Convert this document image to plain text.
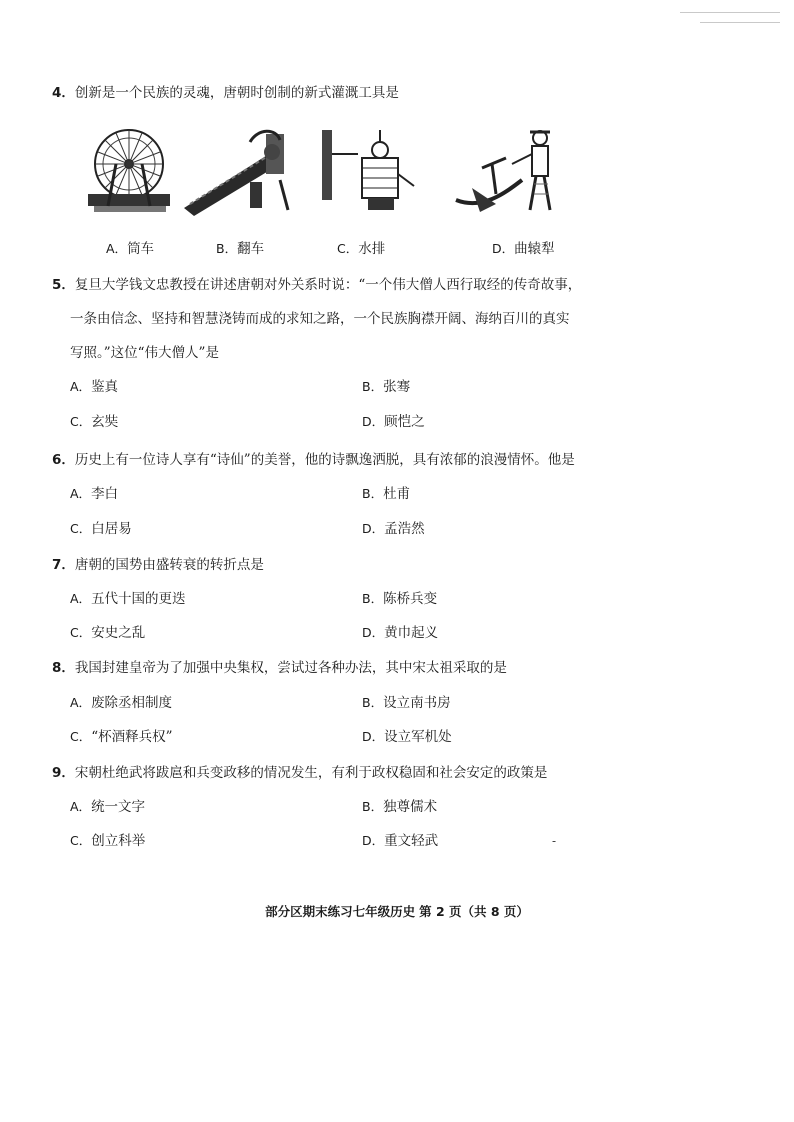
4．创新是一个民族的灵魂，唐朝时创制的新式灌溉工具是
A．筒车	B．翻车	C．水排	D．曲辕犁
5．复旦大学钱文忠教授在讲述唐朝对外关系时说：“一个伟大僧人西行取经的传奇故事，
一条由信念、坚持和智慧浇铸而成的求知之路，一个民族胸襟开阔、海纳百川的真实
写照。”这位“伟大僧人”是
A．鉴真	B．张骞
C．玄奘	D．顾恺之
6．历史上有一位诗人享有“诗仙”的美誉，他的诗飘逸洒脱，具有浓郁的浪漫情怀。他是
A．李白	B．杜甫
C．白居易	D．孟浩然
7．唐朝的国势由盛转衰的转折点是
A．五代十国的更迭	B．陈桥兵变
C．安史之乱	D．黄巾起义
8．我国封建皇帝为了加强中央集权，尝试过各种办法，其中宋太祖采取的是
A．废除丞相制度	B．设立南书房
C．“杯酒释兵权”	D．设立军机处
9．宋朝杜绝武将跋扈和兵变政移的情况发生，有利于政权稳固和社会安定的政策是
A．统一文字	B．独尊儒术
C．创立科举	D．重文轻武	-
部分区期末练习七年级历史 第 2 页（共 8 页）
